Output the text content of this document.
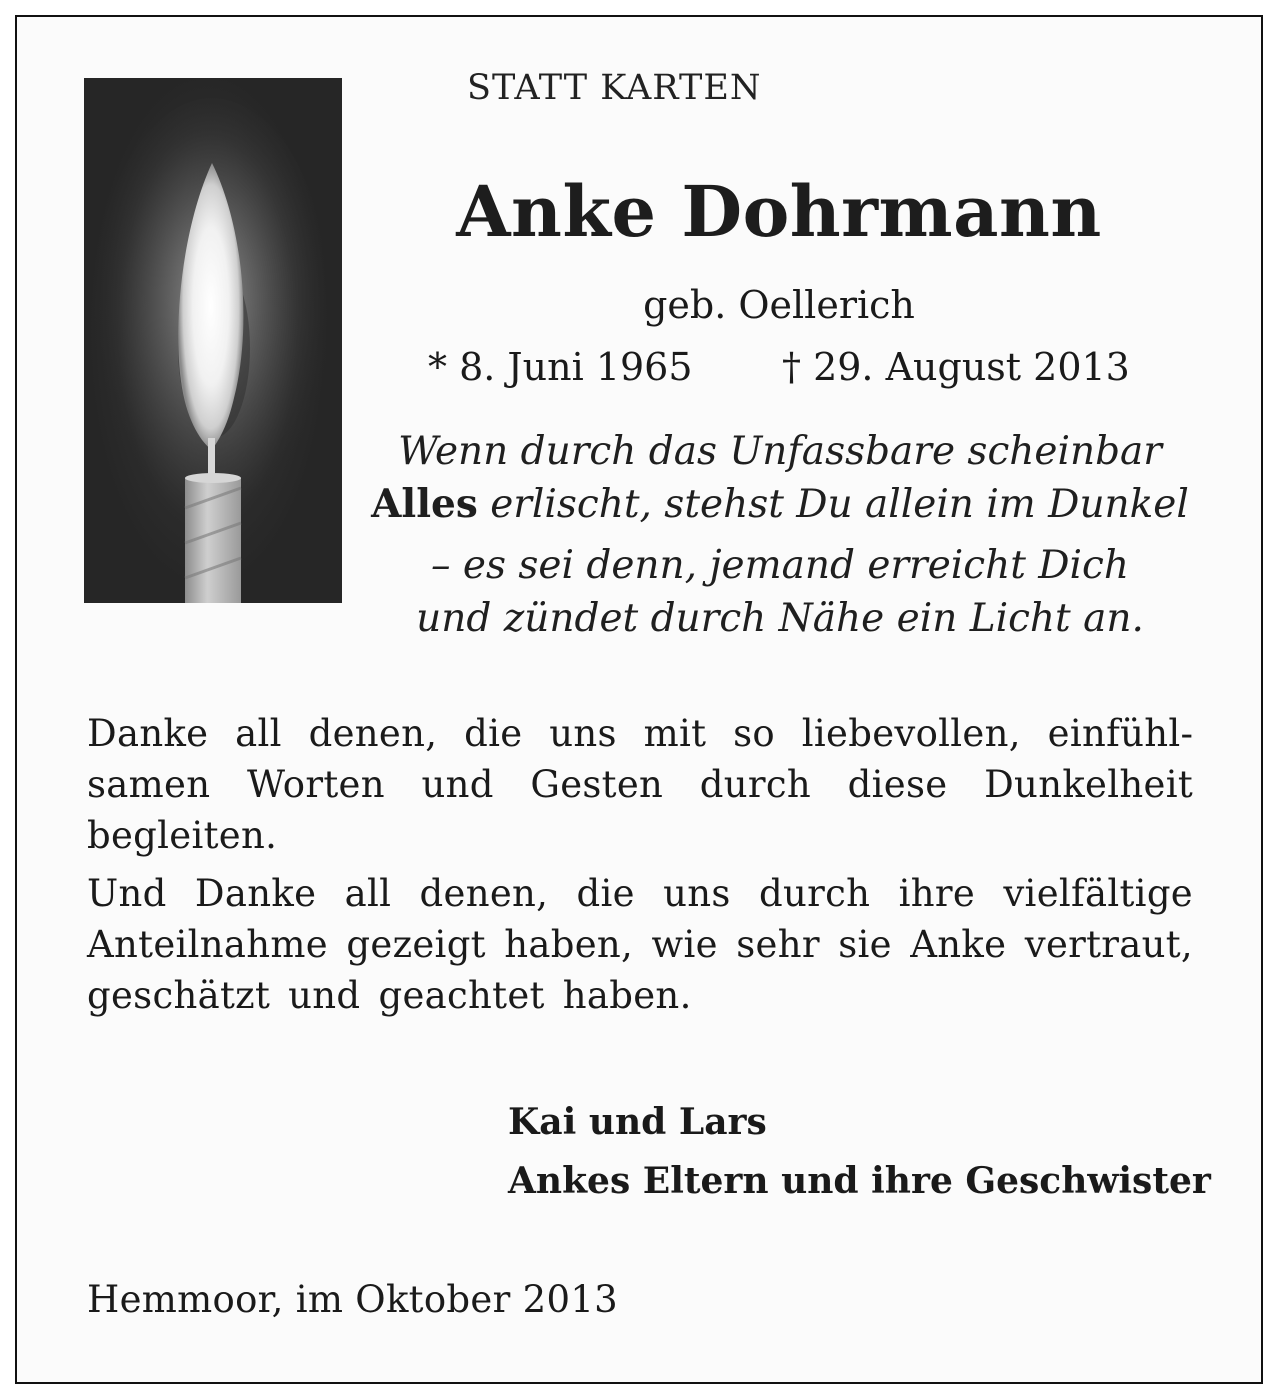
STATT KARTEN

Anke Dohrmann

geb. Oellerich

* 8. Juni 1965 † 29. August 2013

Wenn durch das Unfassbare scheinbar
Alles erlischt, stehst Du allein im Dunkel
– es sei denn, jemand erreicht Dich
und zündet durch Nähe ein Licht an.

Danke all denen, die uns mit so liebevollen, einfühlsamen Worten und Gesten durch diese Dunkelheit begleiten.

Und Danke all denen, die uns durch ihre vielfältige Anteilnahme gezeigt haben, wie sehr sie Anke vertraut, geschätzt und geachtet haben.

Kai und Lars

Ankes Eltern und ihre Geschwister

Hemmoor, im Oktober 2013
